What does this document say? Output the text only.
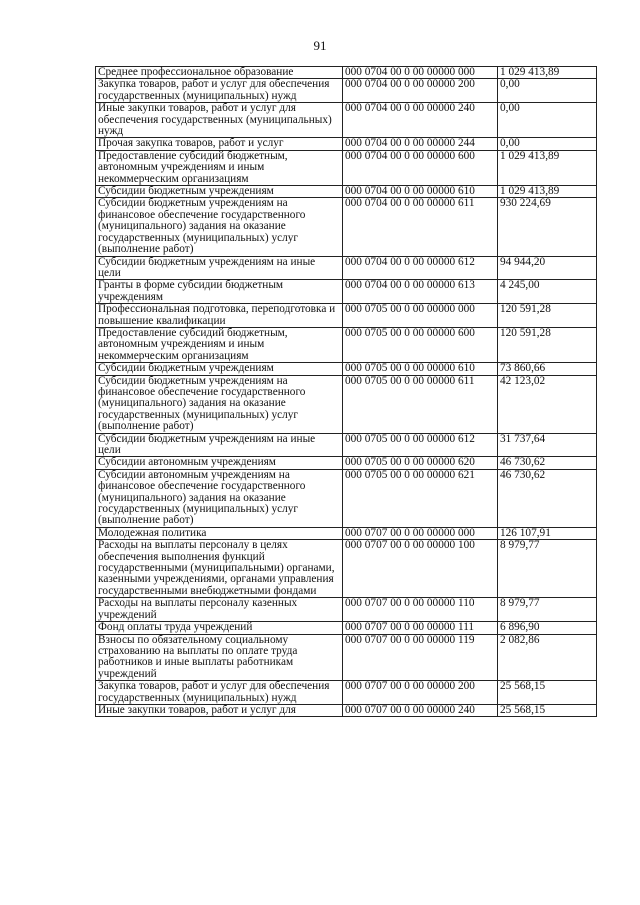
91
Среднее профессиональное образование	000 0704 00 0 00 00000 000	1 029 413,89
Закупка товаров, работ и услуг для обеспечения государственных (муниципальных) нужд	000 0704 00 0 00 00000 200	0,00
Иные закупки товаров, работ и услуг для обеспечения государственных (муниципальных) нужд	000 0704 00 0 00 00000 240	0,00
Прочая закупка товаров, работ и услуг	000 0704 00 0 00 00000 244	0,00
Предоставление субсидий бюджетным, автономным учреждениям и иным некоммерческим организациям	000 0704 00 0 00 00000 600	1 029 413,89
Субсидии бюджетным учреждениям	000 0704 00 0 00 00000 610	1 029 413,89
Субсидии бюджетным учреждениям на финансовое обеспечение государственного (муниципального) задания на оказание государственных (муниципальных) услуг (выполнение работ)	000 0704 00 0 00 00000 611	930 224,69
Субсидии бюджетным учреждениям на иные цели	000 0704 00 0 00 00000 612	94 944,20
Гранты в форме субсидии бюджетным учреждениям	000 0704 00 0 00 00000 613	4 245,00
Профессиональная подготовка, переподготовка и повышение квалификации	000 0705 00 0 00 00000 000	120 591,28
Предоставление субсидий бюджетным, автономным учреждениям и иным некоммерческим организациям	000 0705 00 0 00 00000 600	120 591,28
Субсидии бюджетным учреждениям	000 0705 00 0 00 00000 610	73 860,66
Субсидии бюджетным учреждениям на финансовое обеспечение государственного (муниципального) задания на оказание государственных (муниципальных) услуг (выполнение работ)	000 0705 00 0 00 00000 611	42 123,02
Субсидии бюджетным учреждениям на иные цели	000 0705 00 0 00 00000 612	31 737,64
Субсидии автономным учреждениям	000 0705 00 0 00 00000 620	46 730,62
Субсидии автономным учреждениям на финансовое обеспечение государственного (муниципального) задания на оказание государственных (муниципальных) услуг (выполнение работ)	000 0705 00 0 00 00000 621	46 730,62
Молодежная политика	000 0707 00 0 00 00000 000	126 107,91
Расходы на выплаты персоналу в целях обеспечения выполнения функций государственными (муниципальными) органами, казенными учреждениями, органами управления государственными внебюджетными фондами	000 0707 00 0 00 00000 100	8 979,77
Расходы на выплаты персоналу казенных учреждений	000 0707 00 0 00 00000 110	8 979,77
Фонд оплаты труда учреждений	000 0707 00 0 00 00000 111	6 896,90
Взносы по обязательному социальному страхованию на выплаты по оплате труда работников и иные выплаты работникам учреждений	000 0707 00 0 00 00000 119	2 082,86
Закупка товаров, работ и услуг для обеспечения государственных (муниципальных) нужд	000 0707 00 0 00 00000 200	25 568,15
Иные закупки товаров, работ и услуг для	000 0707 00 0 00 00000 240	25 568,15
